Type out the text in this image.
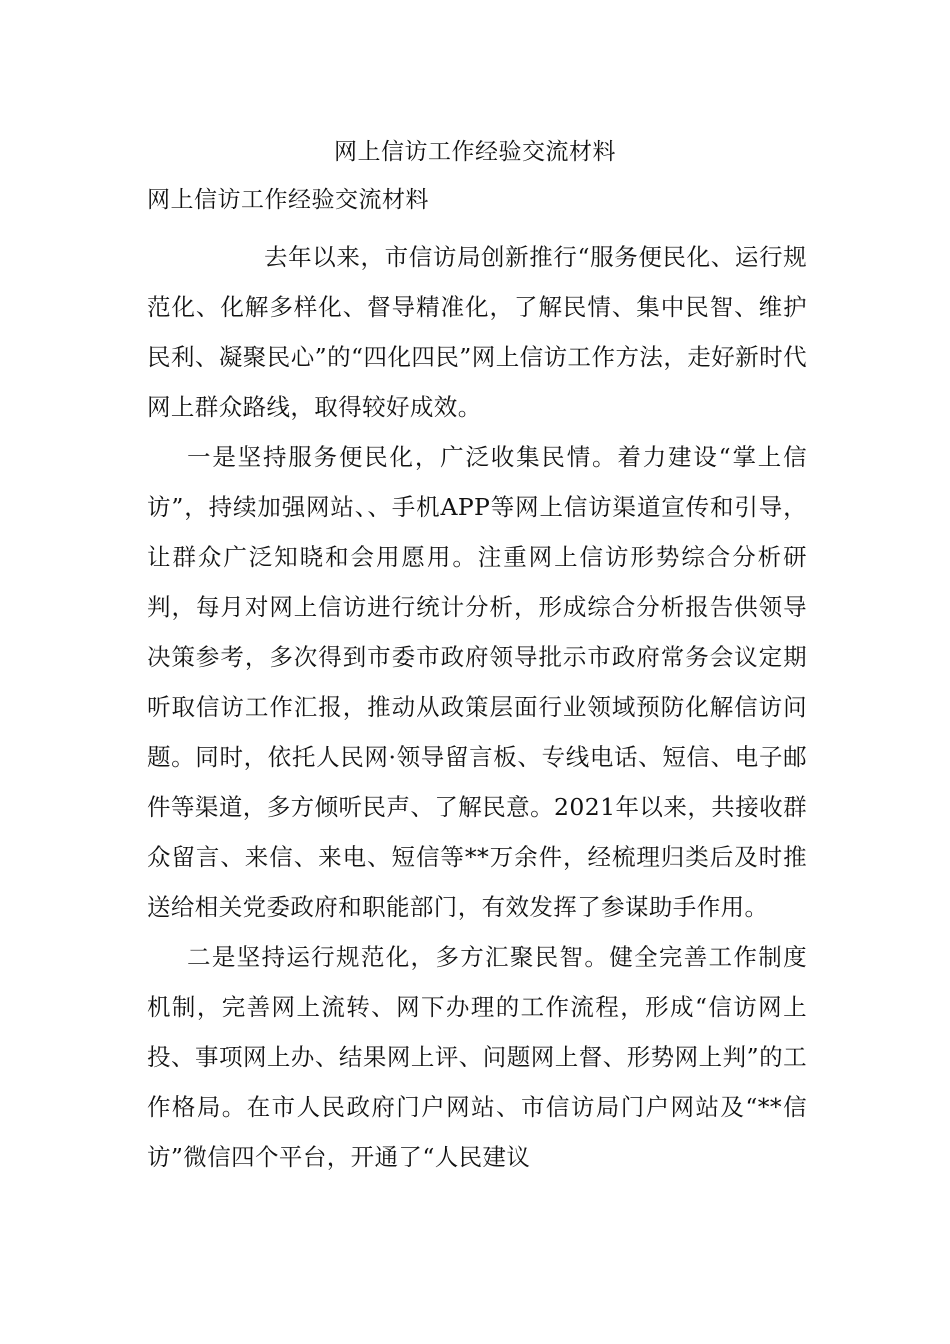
网上信访工作经验交流材料

网上信访工作经验交流材料

去年以来，市信访局创新推行“服务便民化、运行规范化、化解多样化、督导精准化，了解民情、集中民智、维护民利、凝聚民心”的“四化四民”网上信访工作方法，走好新时代网上群众路线，取得较好成效。

一是坚持服务便民化，广泛收集民情。着力建设“掌上信访”，持续加强网站、、手机APP等网上信访渠道宣传和引导，让群众广泛知晓和会用愿用。注重网上信访形势综合分析研判，每月对网上信访进行统计分析，形成综合分析报告供领导决策参考，多次得到市委市政府领导批示市政府常务会议定期听取信访工作汇报，推动从政策层面行业领域预防化解信访问题。同时，依托人民网·领导留言板、专线电话、短信、电子邮件等渠道，多方倾听民声、了解民意。2021年以来，共接收群众留言、来信、来电、短信等**万余件，经梳理归类后及时推送给相关党委政府和职能部门，有效发挥了参谋助手作用。

二是坚持运行规范化，多方汇聚民智。健全完善工作制度机制，完善网上流转、网下办理的工作流程，形成“信访网上投、事项网上办、结果网上评、问题网上督、形势网上判”的工作格局。在市人民政府门户网站、市信访局门户网站及“**信访”微信四个平台，开通了“人民建议
